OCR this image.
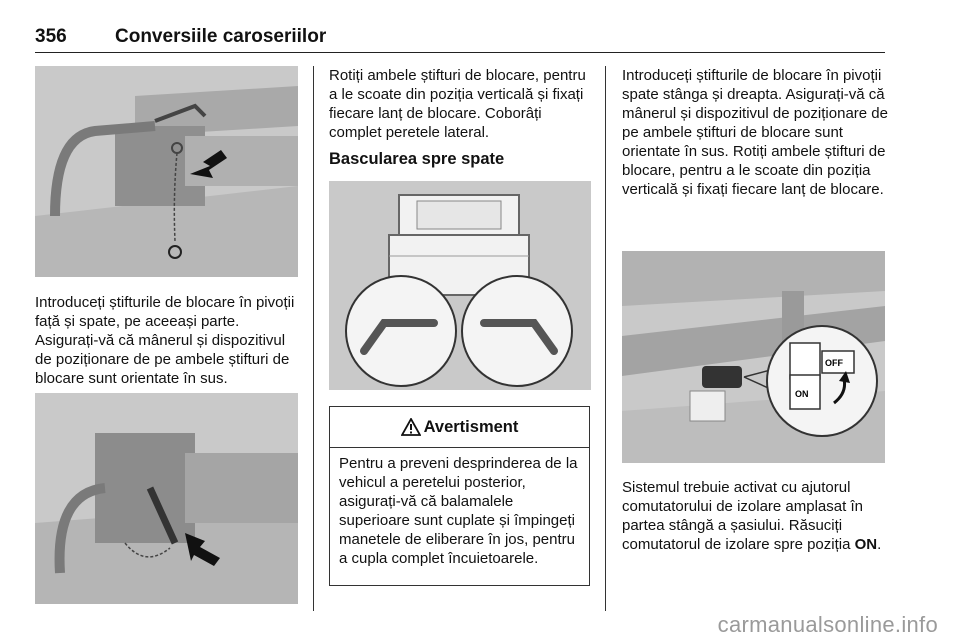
356	Conversiile caroseriilor

Introduceți știfturile de blocare în pivoții față și spate, pe aceeași parte. Asigurați-vă că mânerul și dispozitivul de poziționare de pe ambele știfturi de blocare sunt orientate în sus.

Rotiți ambele știfturi de blocare, pentru a le scoate din poziția verticală și fixați fiecare lanț de blocare. Coborâți complet peretele lateral.

Bascularea spre spate
Avertisment

Pentru a preveni desprinderea de la vehicul a peretelui posterior, asigurați-vă că balamalele superioare sunt cuplate și împingeți manetele de eliberare în jos, pentru a cupla complet încuietoarele.

Introduceți știfturile de blocare în pivoții spate stânga și dreapta. Asigurați-vă că mânerul și dispozitivul de poziționare de pe ambele știfturi de blocare sunt orientate în sus. Rotiți ambele știfturi de blocare, pentru a le scoate din poziția verticală și fixați fiecare lanț de blocare.

OFF
ON

Sistemul trebuie activat cu ajutorul comutatorului de izolare amplasat în partea stângă a șasiului. Răsuciți comutatorul de izolare spre poziția ON.

carmanualsonline.info
